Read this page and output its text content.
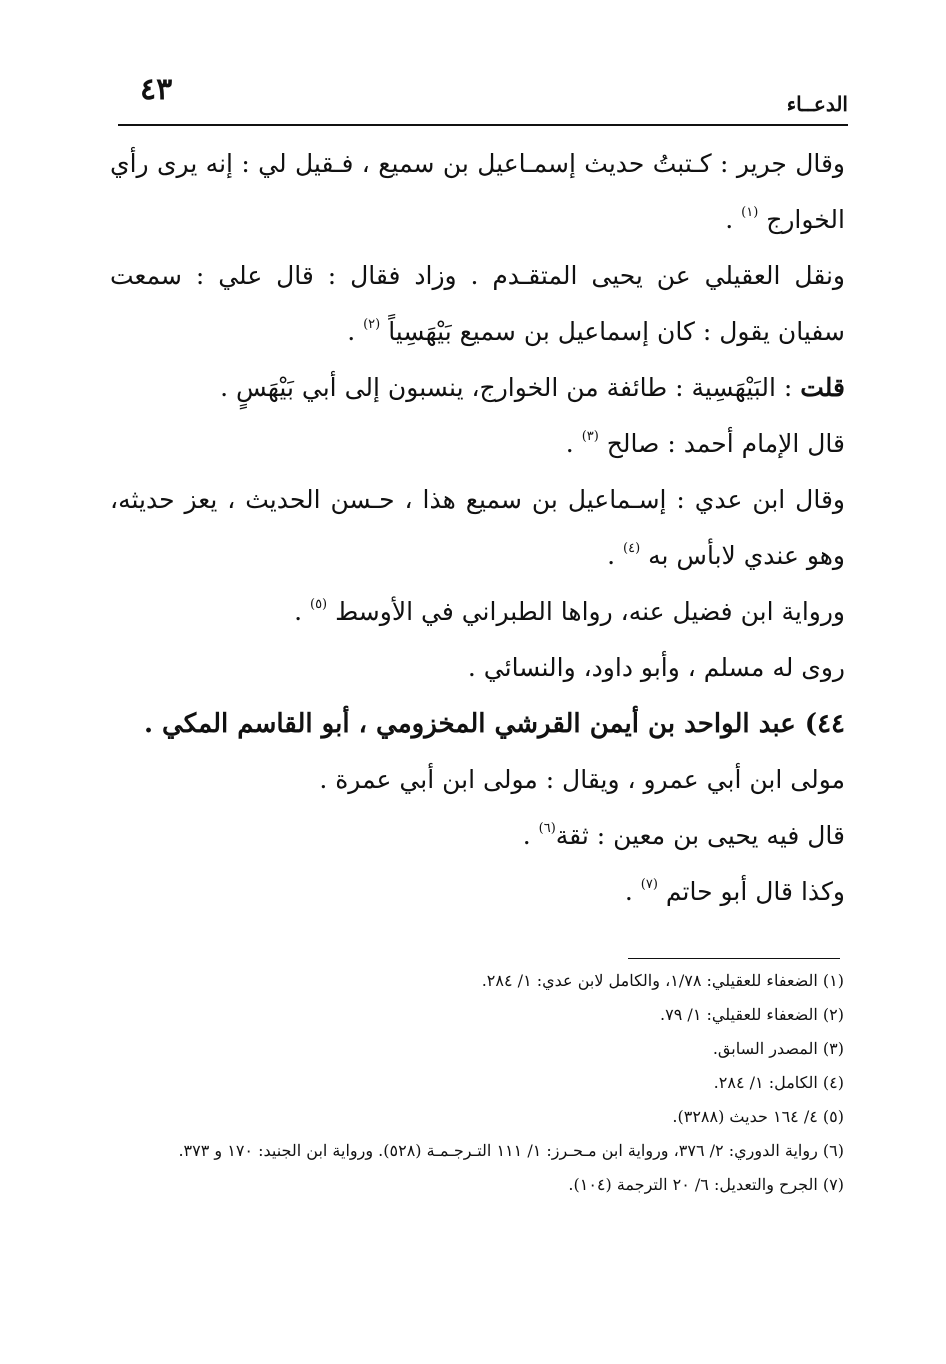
٤٣	الدعــاء

وقال جرير : كـتبتُ حديث إسمـاعيل بن سميع ، فـقيل لي : إنه يرى رأي الخوارج $^{(١)}$ .

ونقل العقيلي عن يحيى المتقـدم . وزاد فقال : قال علي : سمعت سفيان يقول : كان إسماعيل بن سميع بَيْهَسِياً $^{(٢)}$ .

قلت : البَيْهَسِية : طائفة من الخوارج، ينسبون إلى أبي بَيْهَسٍ .

قال الإمام أحمد : صالح $^{(٣)}$ .

وقال ابن عدي : إسـماعيل بن سميع هذا ، حـسن الحديث ، يعز حديثه، وهو عندي لابأس به $^{(٤)}$ .

ورواية ابن فضيل عنه، رواها الطبراني في الأوسط $^{(٥)}$ .

روى له مسلم ، وأبو داود، والنسائي .

٤٤) عبد الواحد بن أيمن القرشي المخزومي ، أبو القاسم المكي .

مولى ابن أبي عمرو ، ويقال : مولى ابن أبي عمرة .

قال فيه يحيى بن معين : ثقة$^{(٦)}$ .

وكذا قال أبو حاتم $^{(٧)}$ .

(١) الضعفاء للعقيلي: ١/٧٨، والكامل لابن عدي: ١/ ٢٨٤.

(٢) الضعفاء للعقيلي: ١/ ٧٩.

(٣) المصدر السابق.

(٤) الكامل: ١/ ٢٨٤.

(٥) ٤/ ١٦٤ حديث (٣٢٨٨).

(٦) رواية الدوري: ٢/ ٣٧٦، ورواية ابن مـحـرز: ١/ ١١١ التـرجـمـة (٥٢٨). ورواية ابن الجنيد: ١٧٠ و ٣٧٣.

(٧) الجرح والتعديل: ٦/ ٢٠ الترجمة (١٠٤).
